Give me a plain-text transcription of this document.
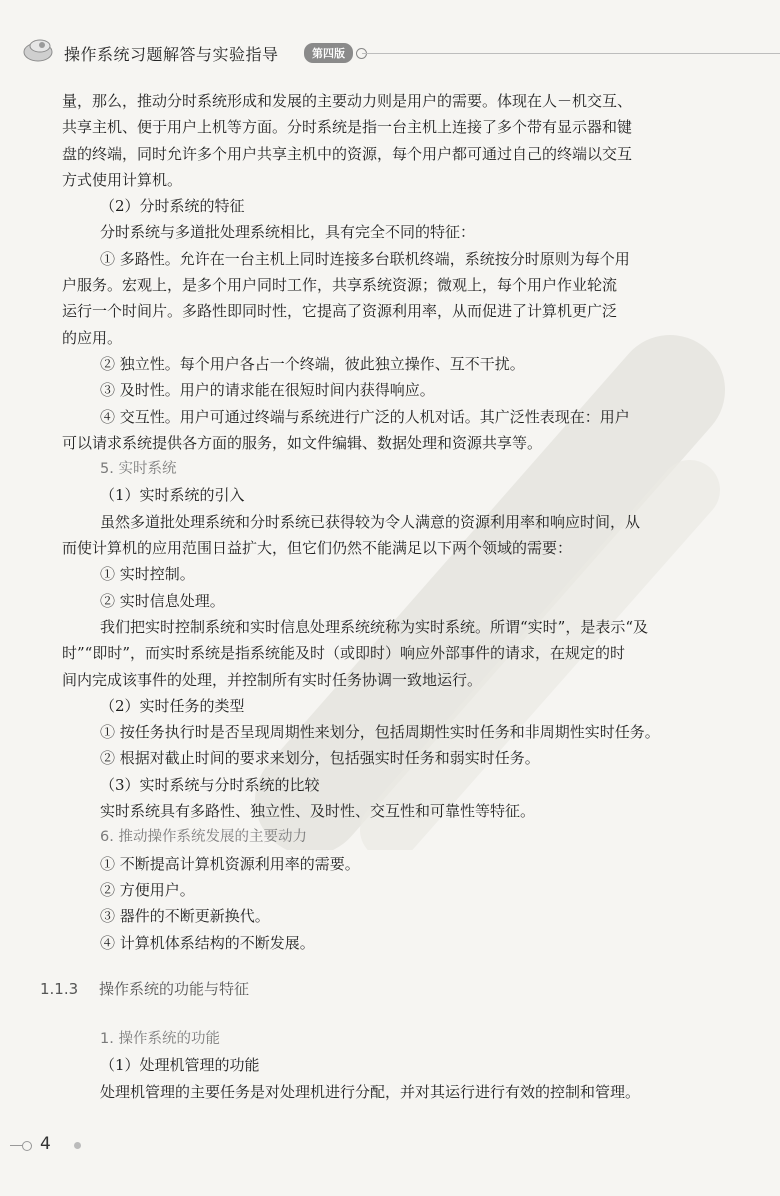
操作系统习题解答与实验指导	第四版
量，那么，推动分时系统形成和发展的主要动力则是用户的需要。体现在人－机交互、
共享主机、便于用户上机等方面。分时系统是指一台主机上连接了多个带有显示器和键
盘的终端，同时允许多个用户共享主机中的资源，每个用户都可通过自己的终端以交互
方式使用计算机。
（2）分时系统的特征
分时系统与多道批处理系统相比，具有完全不同的特征：
① 多路性。允许在一台主机上同时连接多台联机终端，系统按分时原则为每个用
户服务。宏观上，是多个用户同时工作，共享系统资源；微观上，每个用户作业轮流
运行一个时间片。多路性即同时性，它提高了资源利用率，从而促进了计算机更广泛
的应用。
② 独立性。每个用户各占一个终端，彼此独立操作、互不干扰。
③ 及时性。用户的请求能在很短时间内获得响应。
④ 交互性。用户可通过终端与系统进行广泛的人机对话。其广泛性表现在：用户
可以请求系统提供各方面的服务，如文件编辑、数据处理和资源共享等。
5. 实时系统
（1）实时系统的引入
虽然多道批处理系统和分时系统已获得较为令人满意的资源利用率和响应时间，从
而使计算机的应用范围日益扩大，但它们仍然不能满足以下两个领域的需要：
① 实时控制。
② 实时信息处理。
我们把实时控制系统和实时信息处理系统统称为实时系统。所谓“实时”，是表示“及
时”“即时”，而实时系统是指系统能及时（或即时）响应外部事件的请求，在规定的时
间内完成该事件的处理，并控制所有实时任务协调一致地运行。
（2）实时任务的类型
① 按任务执行时是否呈现周期性来划分，包括周期性实时任务和非周期性实时任务。
② 根据对截止时间的要求来划分，包括强实时任务和弱实时任务。
（3）实时系统与分时系统的比较
实时系统具有多路性、独立性、及时性、交互性和可靠性等特征。
6. 推动操作系统发展的主要动力
① 不断提高计算机资源利用率的需要。
② 方便用户。
③ 器件的不断更新换代。
④ 计算机体系结构的不断发展。
1.1.3 操作系统的功能与特征
1. 操作系统的功能
（1）处理机管理的功能
处理机管理的主要任务是对处理机进行分配，并对其运行进行有效的控制和管理。
4
